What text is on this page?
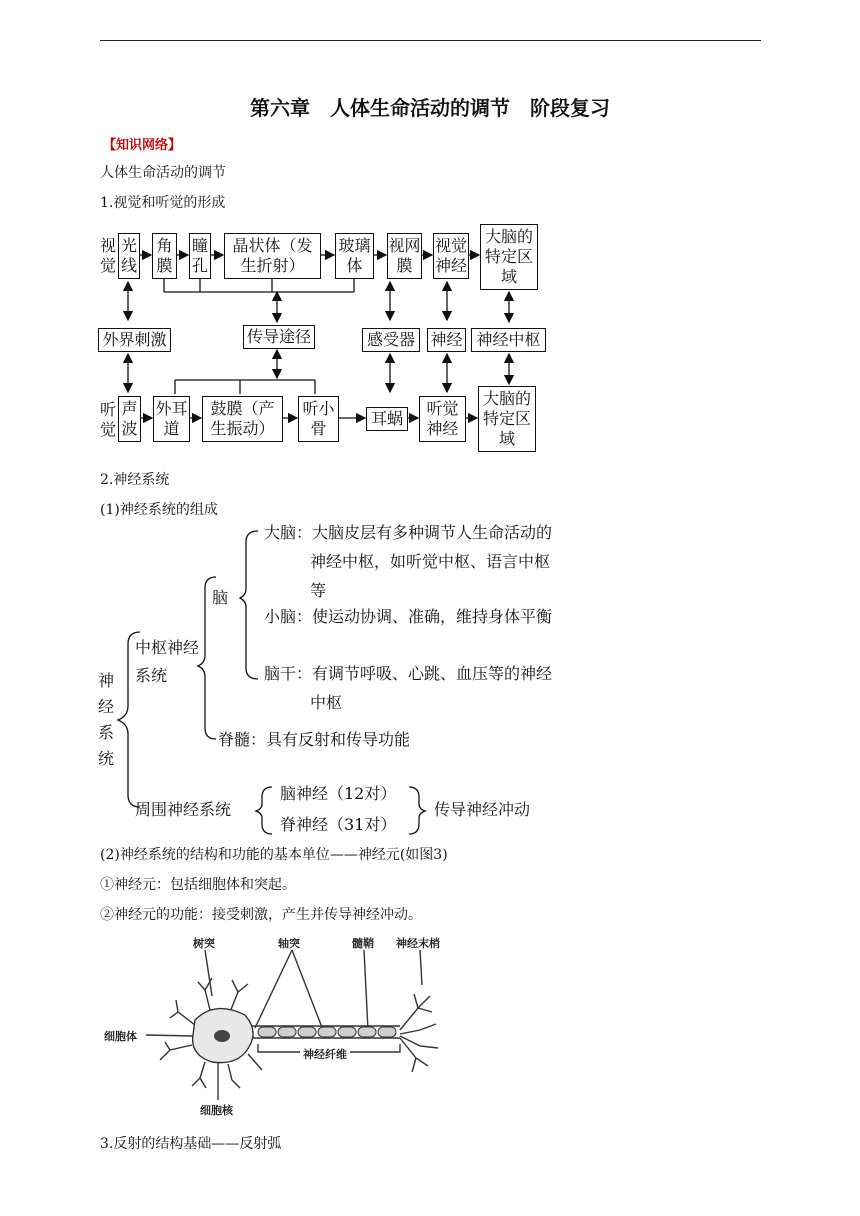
第六章　人体生命活动的调节　阶段复习
【知识网络】
人体生命活动的调节
1.视觉和听觉的形成
视觉
光线
角膜
瞳孔
晶状体（发生折射）
玻璃体
视网膜
视觉神经
大脑的特定区域
外界刺激	传导途径	感受器 神经 神经中枢
听觉
声波
外耳道
鼓膜（产生振动）
听小骨
耳蜗
听觉神经
大脑的特定区域
2.神经系统
(1)神经系统的组成
神经系统
中枢神经系统
脑
大脑：大脑皮层有多种调节人生命活动的神经中枢，如听觉中枢、语言中枢等
小脑：使运动协调、准确，维持身体平衡
脑干：有调节呼吸、心跳、血压等的神经中枢
脊髓：具有反射和传导功能
周围神经系统
脑神经（12对）
脊神经（31对）
传导神经冲动
(2)神经系统的结构和功能的基本单位——神经元(如图3)
①神经元：包括细胞体和突起。
②神经元的功能：接受刺激，产生并传导神经冲动。
树突	轴突	髓鞘 神经末梢
细胞体
神经纤维
细胞核
3.反射的结构基础——反射弧
